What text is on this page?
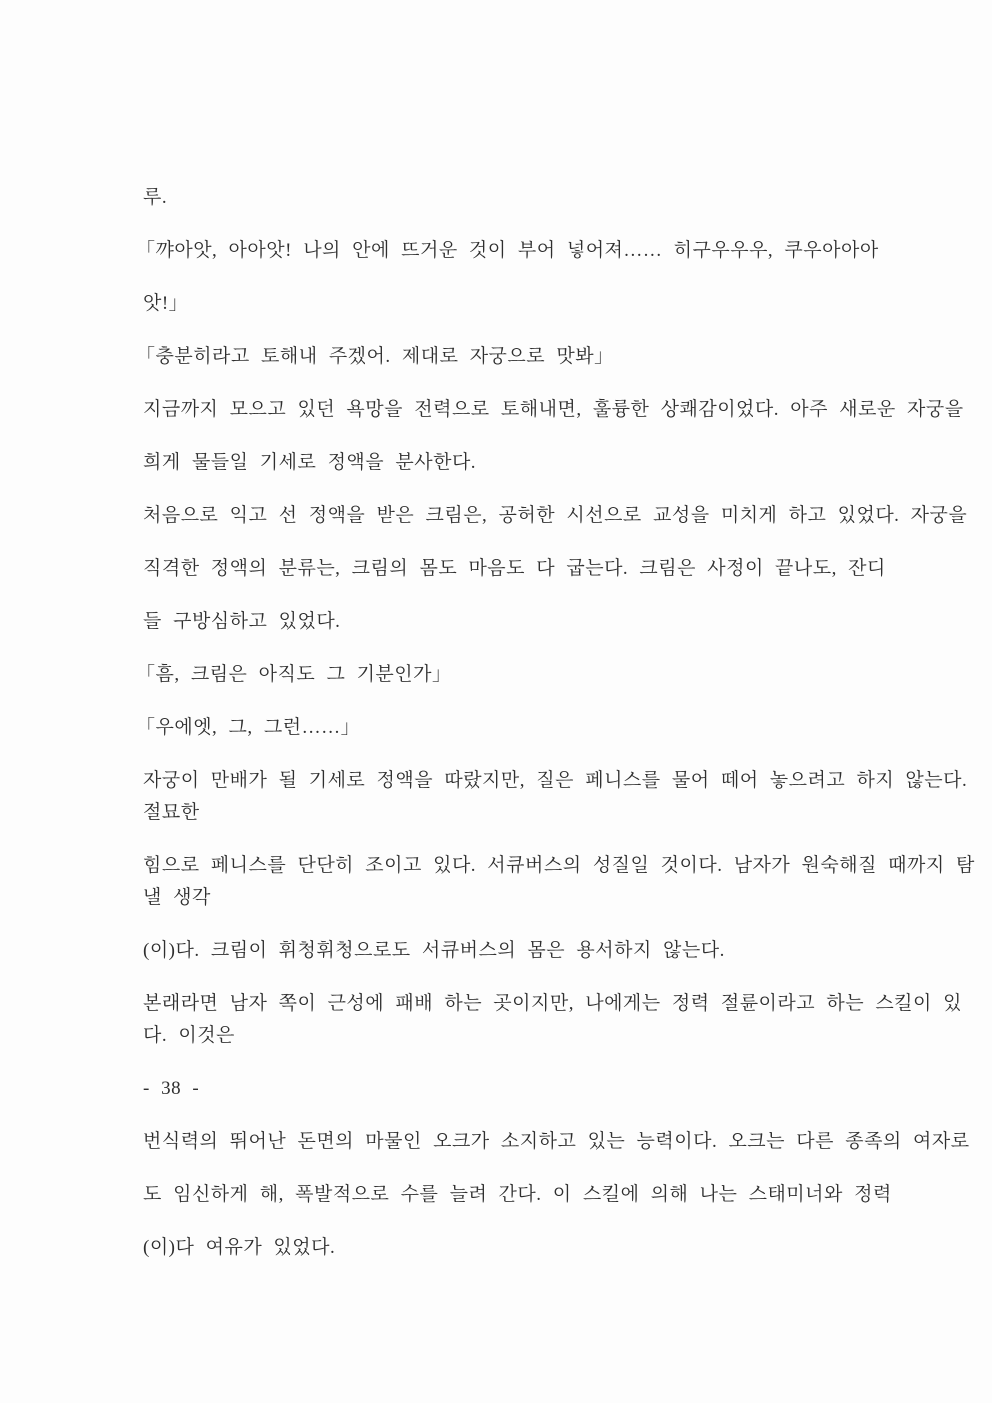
루.

「꺄아앗, 아아앗! 나의 안에 뜨거운 것이 부어 넣어져…… 히구우우우, 쿠우아아아

앗!」

「충분히라고 토해내 주겠어. 제대로 자궁으로 맛봐」

지금까지 모으고 있던 욕망을 전력으로 토해내면, 훌륭한 상쾌감이었다. 아주 새로운 자궁을

희게 물들일 기세로 정액을 분사한다.

처음으로 익고 선 정액을 받은 크림은, 공허한 시선으로 교성을 미치게 하고 있었다. 자궁을

직격한 정액의 분류는, 크림의 몸도 마음도 다 굽는다. 크림은 사정이 끝나도, 잔디

들 구방심하고 있었다.

「흠, 크림은 아직도 그 기분인가」

「우에엣, 그, 그런……」

자궁이 만배가 될 기세로 정액을 따랐지만, 질은 페니스를 물어 떼어 놓으려고 하지 않는다.

절묘한

힘으로 페니스를 단단히 조이고 있다. 서큐버스의 성질일 것이다. 남자가 원숙해질 때까지 탐

낼 생각

(이)다. 크림이 휘청휘청으로도 서큐버스의 몸은 용서하지 않는다.

본래라면 남자 쪽이 근성에 패배 하는 곳이지만, 나에게는 정력 절륜이라고 하는 스킬이 있

다. 이것은

- 38 -

번식력의 뛰어난 돈면의 마물인 오크가 소지하고 있는 능력이다. 오크는 다른 종족의 여자로

도 임신하게 해, 폭발적으로 수를 늘려 간다. 이 스킬에 의해 나는 스태미너와 정력

(이)다 여유가 있었다.
